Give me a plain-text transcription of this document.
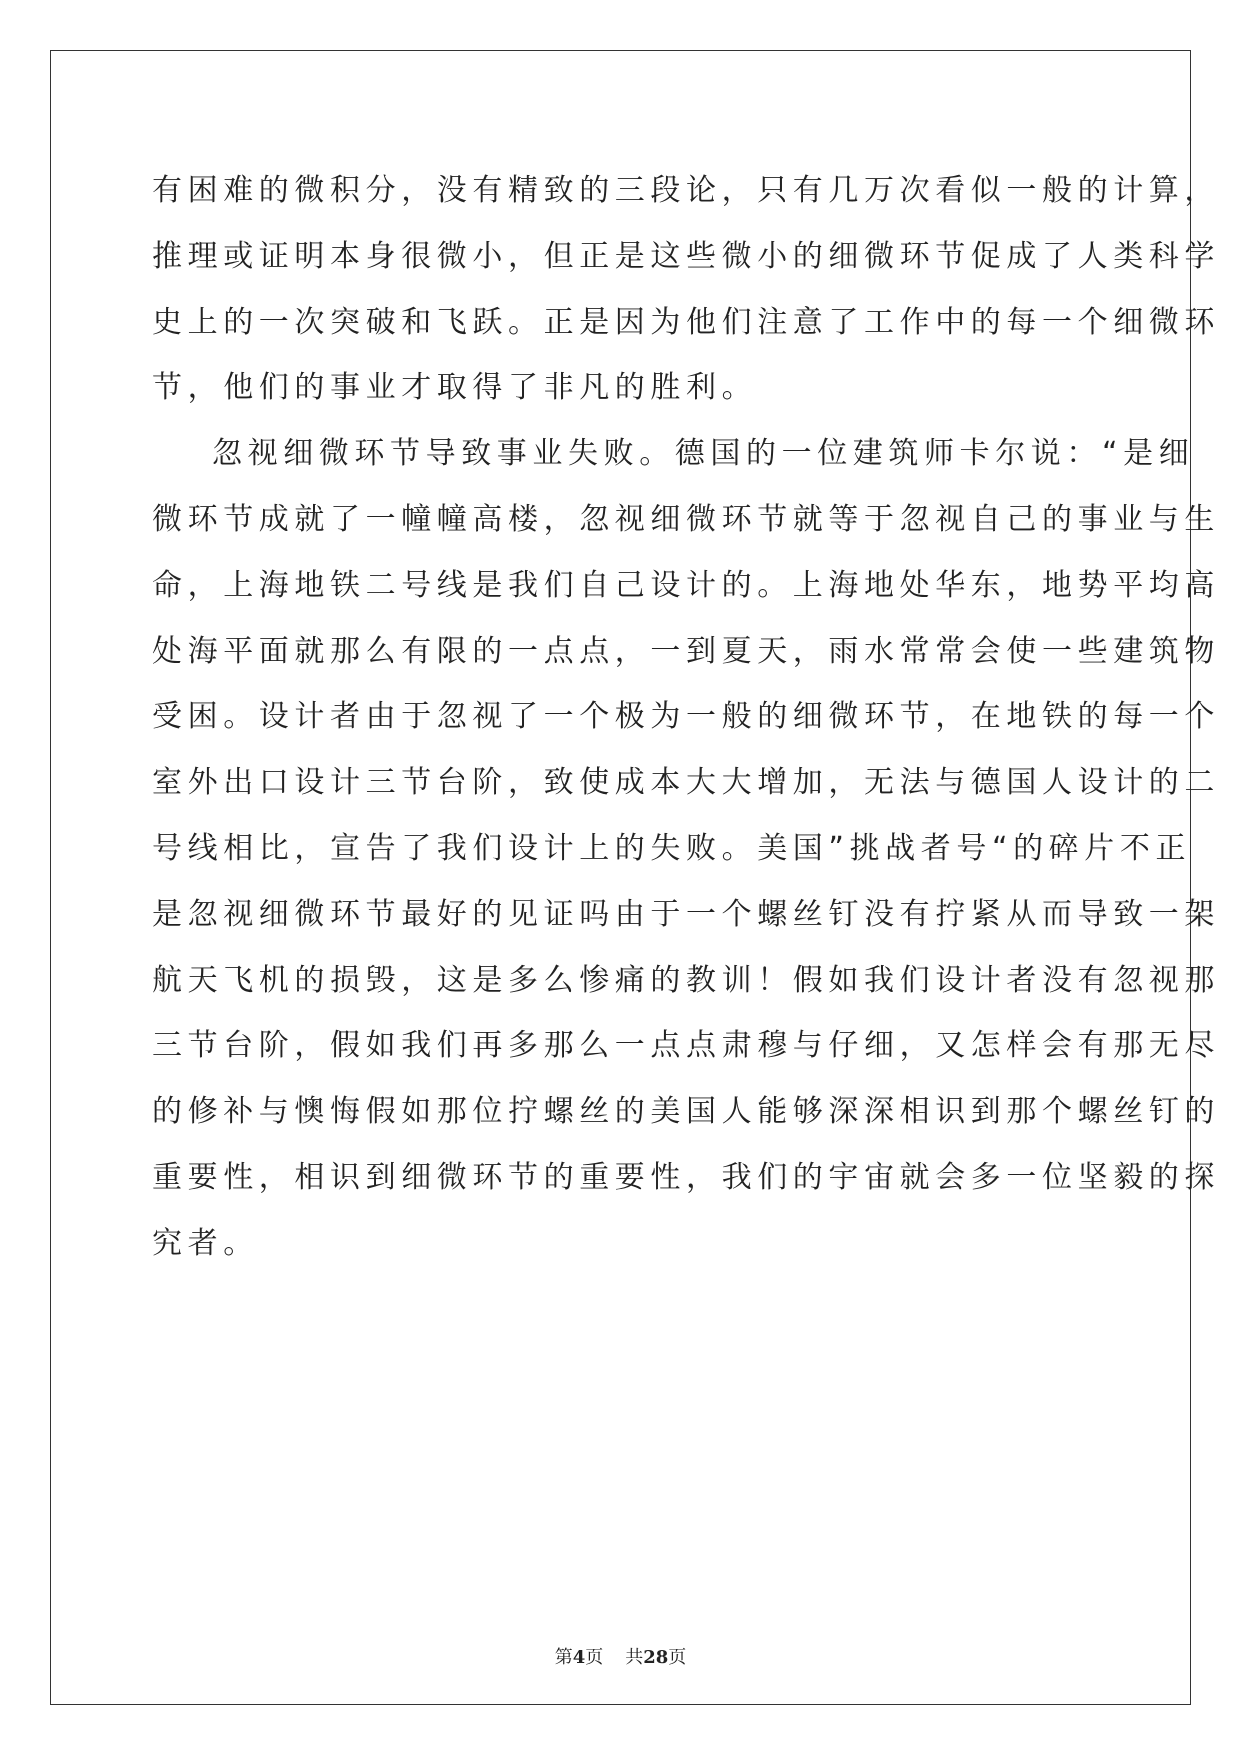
有困难的微积分，没有精致的三段论，只有几万次看似一般的计算，
推理或证明本身很微小，但正是这些微小的细微环节促成了人类科学
史上的一次突破和飞跃。正是因为他们注意了工作中的每一个细微环
节，他们的事业才取得了非凡的胜利。
忽视细微环节导致事业失败。德国的一位建筑师卡尔说：“是细
微环节成就了一幢幢高楼，忽视细微环节就等于忽视自己的事业与生
命，上海地铁二号线是我们自己设计的。上海地处华东，地势平均高
处海平面就那么有限的一点点，一到夏天，雨水常常会使一些建筑物
受困。设计者由于忽视了一个极为一般的细微环节，在地铁的每一个
室外出口设计三节台阶，致使成本大大增加，无法与德国人设计的二
号线相比，宣告了我们设计上的失败。美国”挑战者号“的碎片不正
是忽视细微环节最好的见证吗由于一个螺丝钉没有拧紧从而导致一架
航天飞机的损毁，这是多么惨痛的教训！假如我们设计者没有忽视那
三节台阶，假如我们再多那么一点点肃穆与仔细，又怎样会有那无尽
的修补与懊悔假如那位拧螺丝的美国人能够深深相识到那个螺丝钉的
重要性，相识到细微环节的重要性，我们的宇宙就会多一位坚毅的探
究者。
第4页 共28页
